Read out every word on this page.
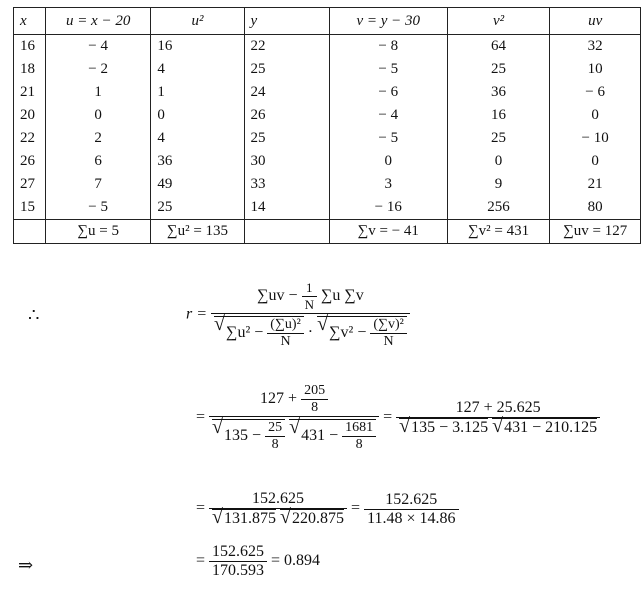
x	u = x − 20	u²	y	v = y − 30	v²	uv
16	− 4	16	22	− 8	64	32
18	− 2	4	25	− 5	25	10
21	1	1	24	− 6	36	− 6
20	0	0	26	− 4	16	0
22	2	4	25	− 5	25	− 10
26	6	36	30	0	0	0
27	7	49	33	3	9	21
15	− 5	25	14	− 16	256	80
	∑u = 5	∑u² = 135		∑v = − 41	∑v² = 431	∑uv = 127
∴	r =
$\sum uv - \frac{1}{N} \sum u$ ∑v
√ $\sum u^2 - \frac{\text{(∑u)²}}{N}$ · √ $\sum v^2 - \frac{\text{(∑v)²}}{N}$
=
$127 + \frac{205}{8}$
√ $135 - \frac{25}{8}$ √ $431 - \frac{1681}{8}$
= 127 + 25.625
√ 135 − 3.125 √ 431 − 210.125
= 152.625
√ 131.875 √ $220.875 = \frac{152.625}{11.48 \times 14.86}$
⇒	= $\frac{152.625}{170.593} = 0.894$
